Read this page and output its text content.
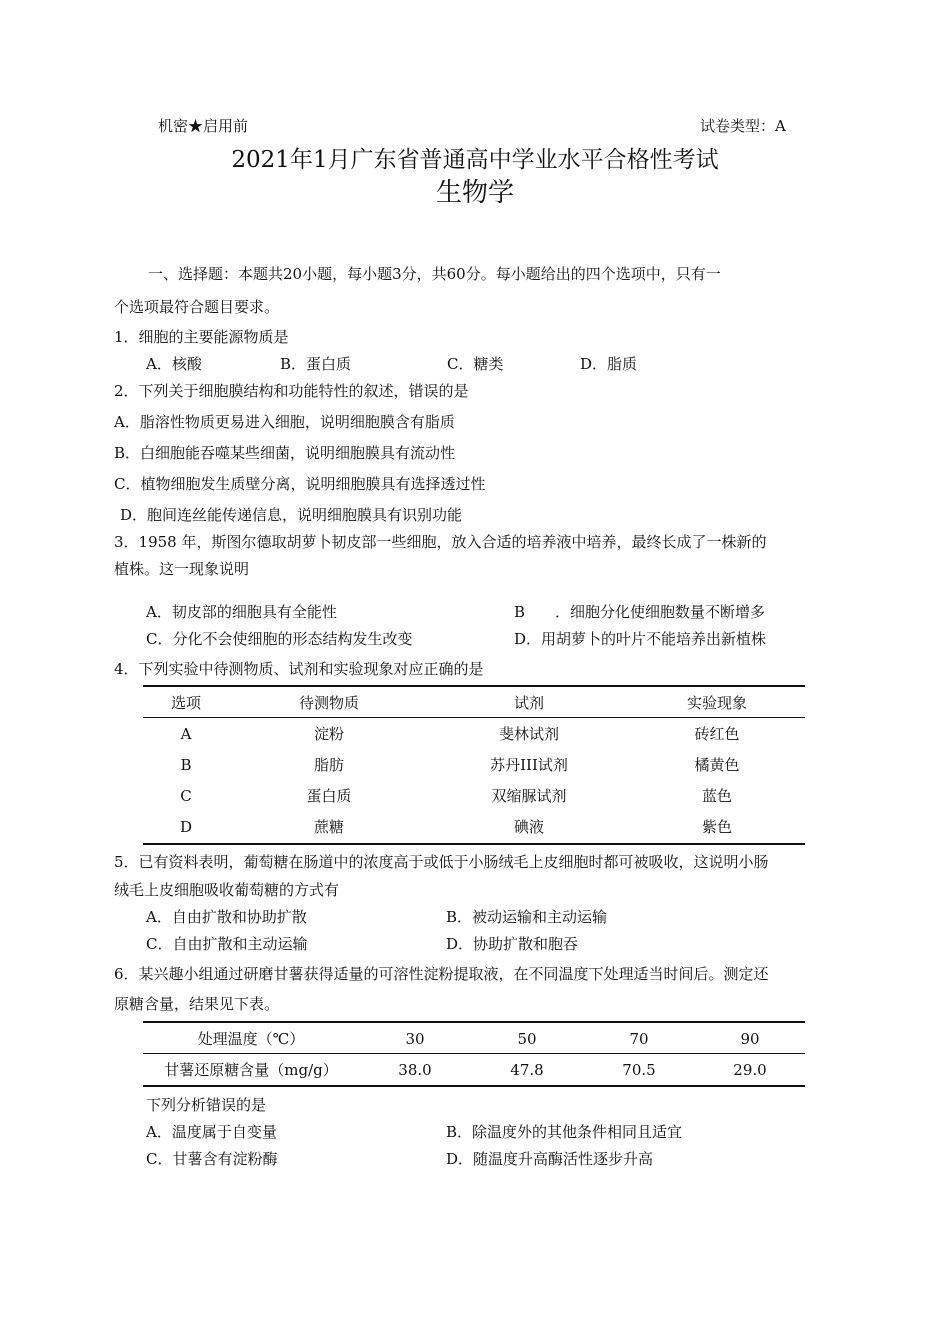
机密★启用前	试卷类型：A
2021年1月广东省普通高中学业水平合格性考试
生物学
一、选择题：本题共20小题，每小题3分，共60分。每小题给出的四个选项中，只有一
个选项最符合题目要求。
1．细胞的主要能源物质是
A．核酸	B．蛋白质	C．糖类	D．脂质
2．下列关于细胞膜结构和功能特性的叙述，错误的是
A．脂溶性物质更易进入细胞，说明细胞膜含有脂质
B．白细胞能吞噬某些细菌，说明细胞膜具有流动性
C．植物细胞发生质壁分离，说明细胞膜具有选择透过性
D．胞间连丝能传递信息，说明细胞膜具有识别功能
3．1958 年，斯图尔德取胡萝卜韧皮部一些细胞，放入合适的培养液中培养，最终长成了一株新的
植株。这一现象说明
A．韧皮部的细胞具有全能性	B　　．细胞分化使细胞数量不断增多
C．分化不会使细胞的形态结构发生改变	D．用胡萝卜的叶片不能培养出新植株
4．下列实验中待测物质、试剂和实验现象对应正确的是
选项	待测物质	试剂	实验现象
A	淀粉	斐林试剂	砖红色
B	脂肪	苏丹III试剂	橘黄色
C	蛋白质	双缩脲试剂	蓝色
D	蔗糖	碘液	紫色
5．已有资料表明，葡萄糖在肠道中的浓度高于或低于小肠绒毛上皮细胞时都可被吸收，这说明小肠
绒毛上皮细胞吸收葡萄糖的方式有
A．自由扩散和协助扩散	B．被动运输和主动运输
C．自由扩散和主动运输	D．协助扩散和胞吞
6．某兴趣小组通过研磨甘薯获得适量的可溶性淀粉提取液，在不同温度下处理适当时间后。测定还
原糖含量，结果见下表。
处理温度（℃）	30	50	70	90
甘薯还原糖含量（mg/g）	38.0	47.8	70.5	29.0
下列分析错误的是
A．温度属于自变量	B．除温度外的其他条件相同且适宜
C．甘薯含有淀粉酶	D．随温度升高酶活性逐步升高
